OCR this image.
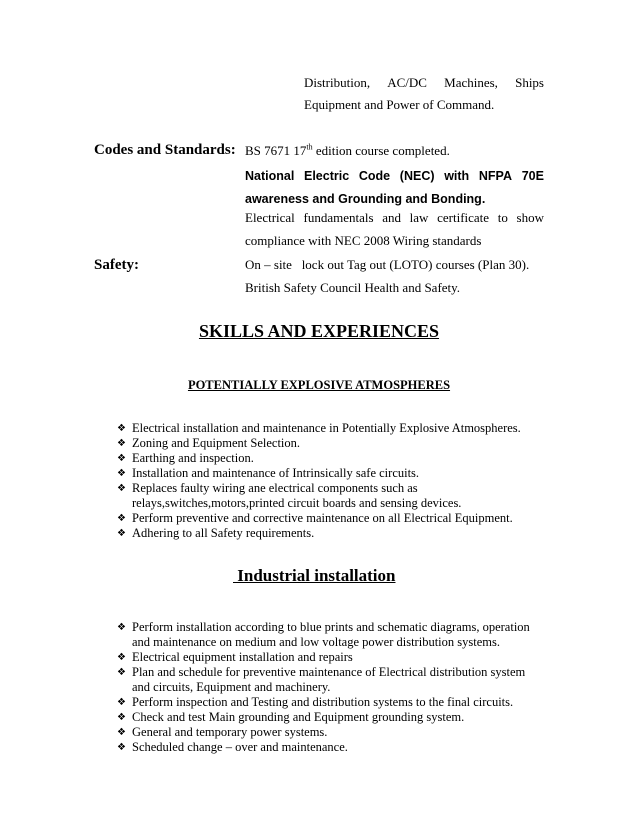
Distribution, AC/DC Machines, Ships
Equipment and Power of Command.
Codes and Standards: BS 7671 17th edition course completed.
National Electric Code (NEC) with NFPA 70E
awareness and Grounding and Bonding.
Electrical fundamentals and law certificate to show
compliance with NEC 2008 Wiring standards
Safety:	On – site   lock out Tag out (LOTO) courses (Plan 30).
British Safety Council Health and Safety.
SKILLS AND EXPERIENCES
POTENTIALLY EXPLOSIVE ATMOSPHERES
❖ Electrical installation and maintenance in Potentially Explosive Atmospheres.
❖ Zoning and Equipment Selection.
❖ Earthing and inspection.
❖ Installation and maintenance of Intrinsically safe circuits.
❖ Replaces faulty wiring ane electrical components such as relays,switches,motors,printed circuit boards and sensing devices.
❖ Perform preventive and corrective maintenance on all Electrical Equipment.
❖ Adhering to all Safety requirements.
Industrial installation
❖ Perform installation according to blue prints and schematic diagrams, operation and maintenance on medium and low voltage power distribution systems.
❖ Electrical equipment installation and repairs
❖ Plan and schedule for preventive maintenance of Electrical distribution system and circuits, Equipment and machinery.
❖ Perform inspection and Testing and distribution systems to the final circuits.
❖ Check and test Main grounding and Equipment grounding system.
❖ General and temporary power systems.
❖ Scheduled change – over and maintenance.
